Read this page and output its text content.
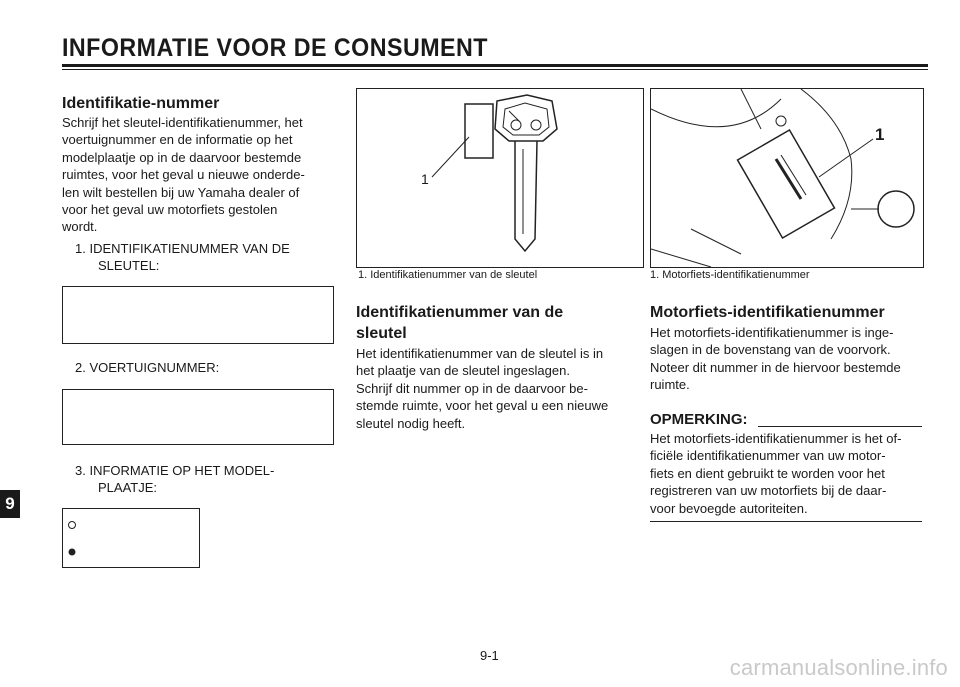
INFORMATIE VOOR DE CONSUMENT
Identifikatie-nummer
Schrijf het sleutel-identifikatienummer, het
voertuignummer en de informatie op het
modelplaatje op in de daarvoor bestemde
ruimtes, voor het geval u nieuwe onderde-
len wilt bestellen bij uw Yamaha dealer of
voor het geval uw motorfiets gestolen
wordt.
1. IDENTIFIKATIENUMMER VAN DE
SLEUTEL:
2. VOERTUIGNUMMER:
3. INFORMATIE OP HET MODEL-
PLAATJE:
1
1. Identifikatienummer van de sleutel
Identifikatienummer van de
sleutel
Het identifikatienummer van de sleutel is in
het plaatje van de sleutel ingeslagen.
Schrijf dit nummer op in de daarvoor be-
stemde ruimte, voor het geval u een nieuwe
sleutel nodig heeft.
1
1. Motorfiets-identifikatienummer
Motorfiets-identifikatienummer
Het motorfiets-identifikatienummer is inge-
slagen in de bovenstang van de voorvork.
Noteer dit nummer in de hiervoor bestemde
ruimte.
OPMERKING:
Het motorfiets-identifikatienummer is het of-
ficiële identifikatienummer van uw motor-
fiets en dient gebruikt te worden voor het
registreren van uw motorfiets bij de daar-
voor bevoegde autoriteiten.
9
9-1	carmanualsonline.info
